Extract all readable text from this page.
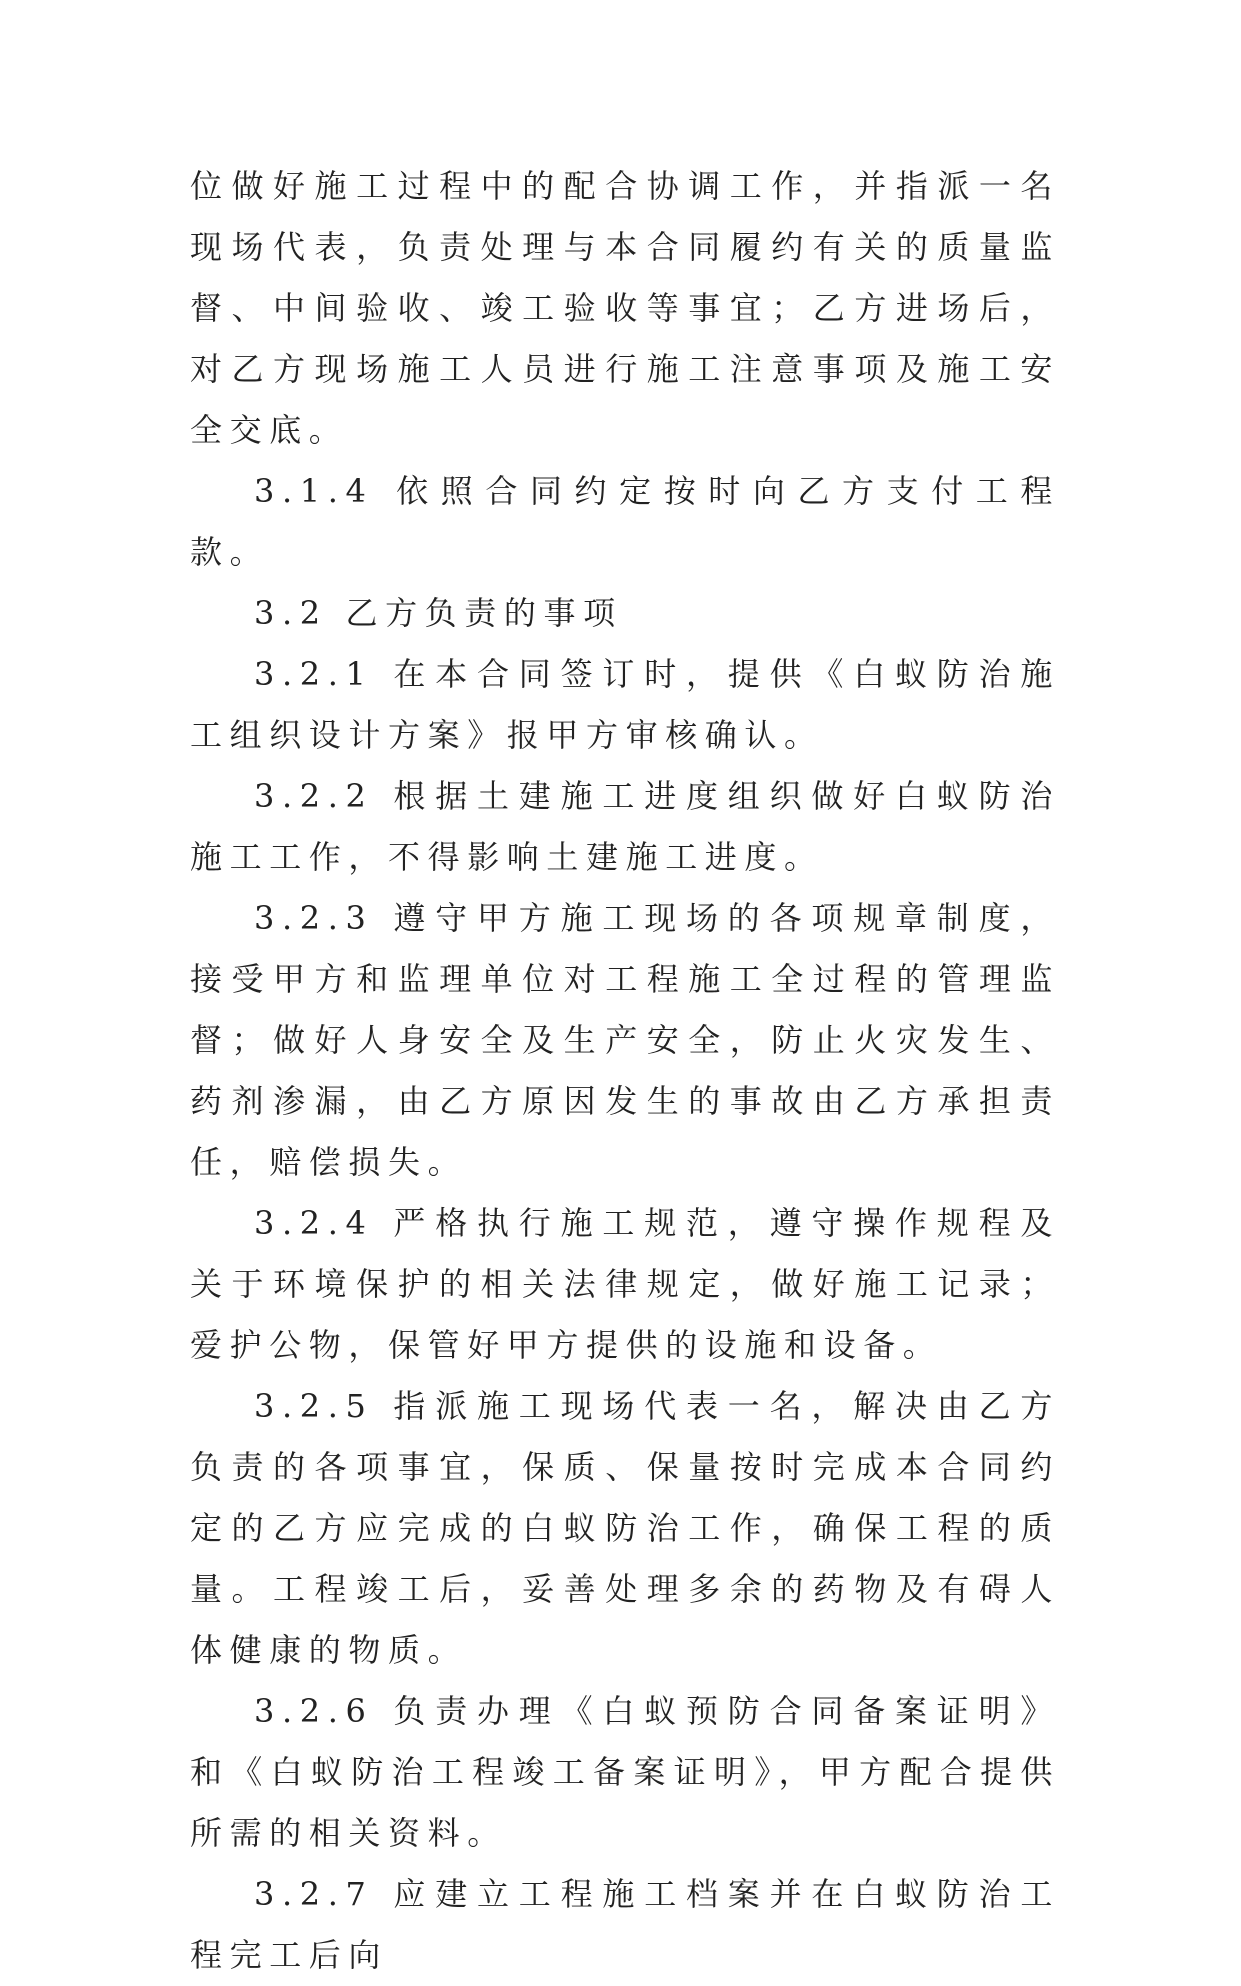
位做好施工过程中的配合协调工作，并指派一名现场代表，负责处理与本合同履约有关的质量监督、中间验收、竣工验收等事宜；乙方进场后，对乙方现场施工人员进行施工注意事项及施工安全交底。

3.1.4 依照合同约定按时向乙方支付工程款。

3.2 乙方负责的事项

3.2.1 在本合同签订时，提供《白蚁防治施工组织设计方案》报甲方审核确认。

3.2.2 根据土建施工进度组织做好白蚁防治施工工作，不得影响土建施工进度。

3.2.3 遵守甲方施工现场的各项规章制度，接受甲方和监理单位对工程施工全过程的管理监督；做好人身安全及生产安全，防止火灾发生、药剂渗漏，由乙方原因发生的事故由乙方承担责任，赔偿损失。

3.2.4 严格执行施工规范，遵守操作规程及关于环境保护的相关法律规定，做好施工记录；爱护公物，保管好甲方提供的设施和设备。

3.2.5 指派施工现场代表一名，解决由乙方负责的各项事宜，保质、保量按时完成本合同约定的乙方应完成的白蚁防治工作，确保工程的质量。工程竣工后，妥善处理多余的药物及有碍人体健康的物质。

3.2.6 负责办理《白蚁预防合同备案证明》和《白蚁防治工程竣工备案证明》，甲方配合提供所需的相关资料。

3.2.7 应建立工程施工档案并在白蚁防治工程完工后向
